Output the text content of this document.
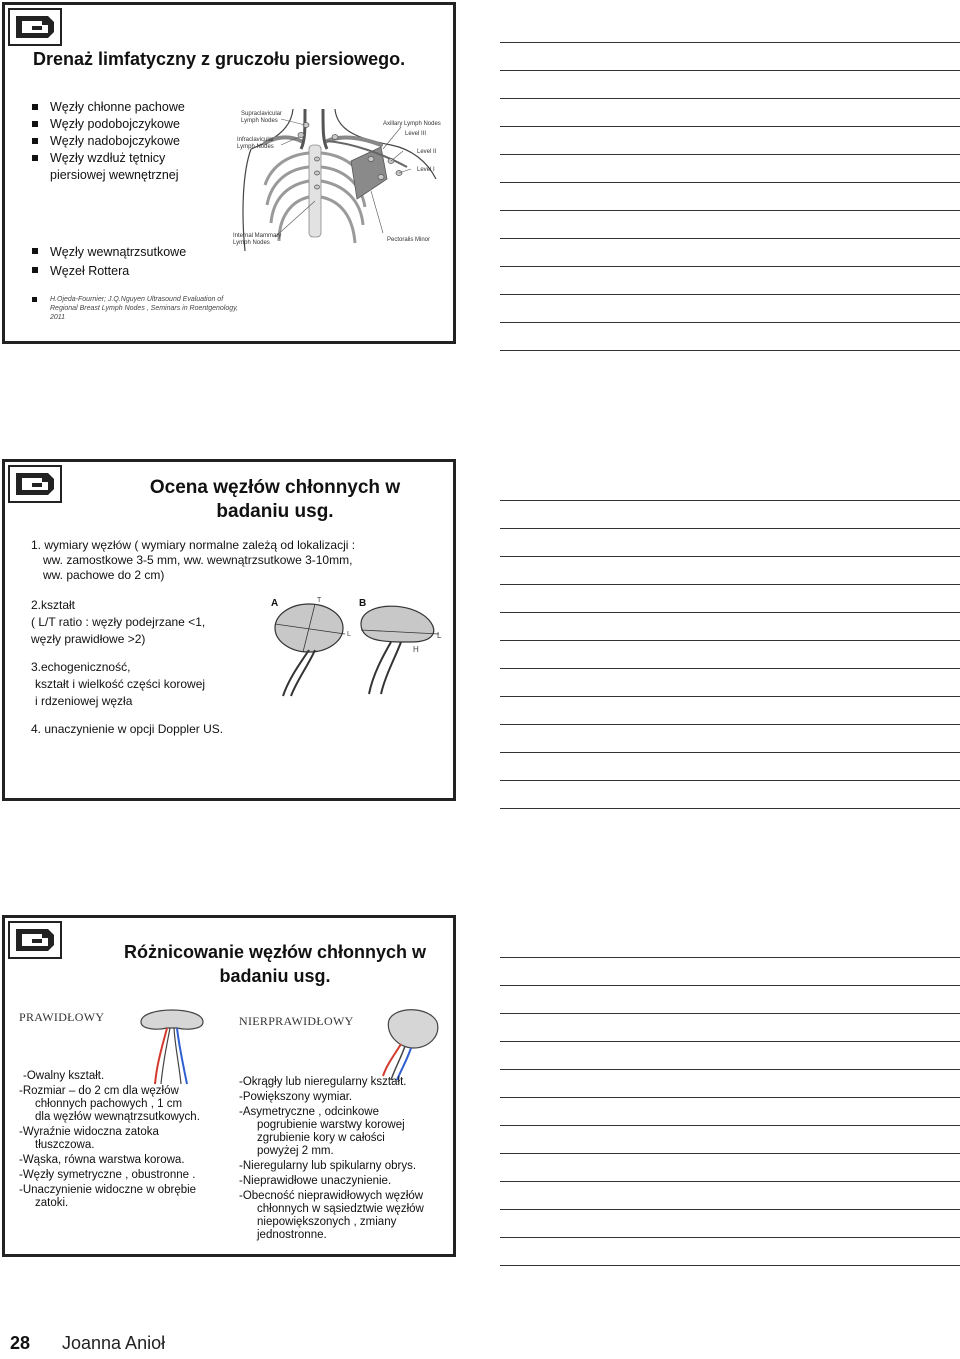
Drenaż limfatyczny z gruczołu piersiowego.
Węzły chłonne pachowe
Węzły podobojczykowe
Węzły nadobojczykowe
Węzły wzdłuż tętnicy
piersiowej wewnętrznej
Węzły wewnątrzsutkowe
Węzeł Rottera
H.Ojeda-Fournier; J.Q.Nguyen Ultrasound Evaluation of
Regional Breast Lymph Nodes , Seminars in Roentgenology,
2011
Supraclavicular
Lymph Nodes
Infraclavicular
Lymph Nodes
Axillary Lymph Nodes
Level III
Level II
Level I
Internal Mammary
Lymph Nodes	Pectoralis Minor
Ocena węzłów chłonnych w
badaniu usg.
1. wymiary węzłów ( wymiary normalne zależą od lokalizacji :
ww. zamostkowe 3-5 mm, ww. wewnątrzsutkowe 3-10mm,
ww. pachowe do 2 cm)
2.kształt
( L/T ratio : węzły podejrzane <1,
węzły prawidłowe >2)
3.echogeniczność,
kształt i wielkość części korowej
i rdzeniowej węzła
4. unaczynienie w opcji Doppler US.
A	T
L
B
L
H
Różnicowanie węzłów chłonnych w
badaniu usg.
PRAWIDŁOWY	NIERPRAWIDŁOWY
-Owalny kształt.
-Rozmiar – do 2 cm dla węzłów
chłonnych pachowych , 1 cm
dla węzłów wewnątrzsutkowych.
-Wyraźnie widoczna zatoka
tłuszczowa.
-Wąska, równa warstwa korowa.
-Węzły symetryczne , obustronne .
-Unaczynienie widoczne w obrębie
zatoki.
-Okrągły lub nieregularny kształt.
-Powiększony wymiar.
-Asymetryczne , odcinkowe
pogrubienie warstwy korowej
zgrubienie kory w całości
powyżej 2 mm.
-Nieregularny lub spikularny obrys.
-Nieprawidłowe unaczynienie.
-Obecność nieprawidłowych węzłów
chłonnych w sąsiedztwie węzłów
niepowiększonych , zmiany
jednostronne.
28 Joanna Anioł
